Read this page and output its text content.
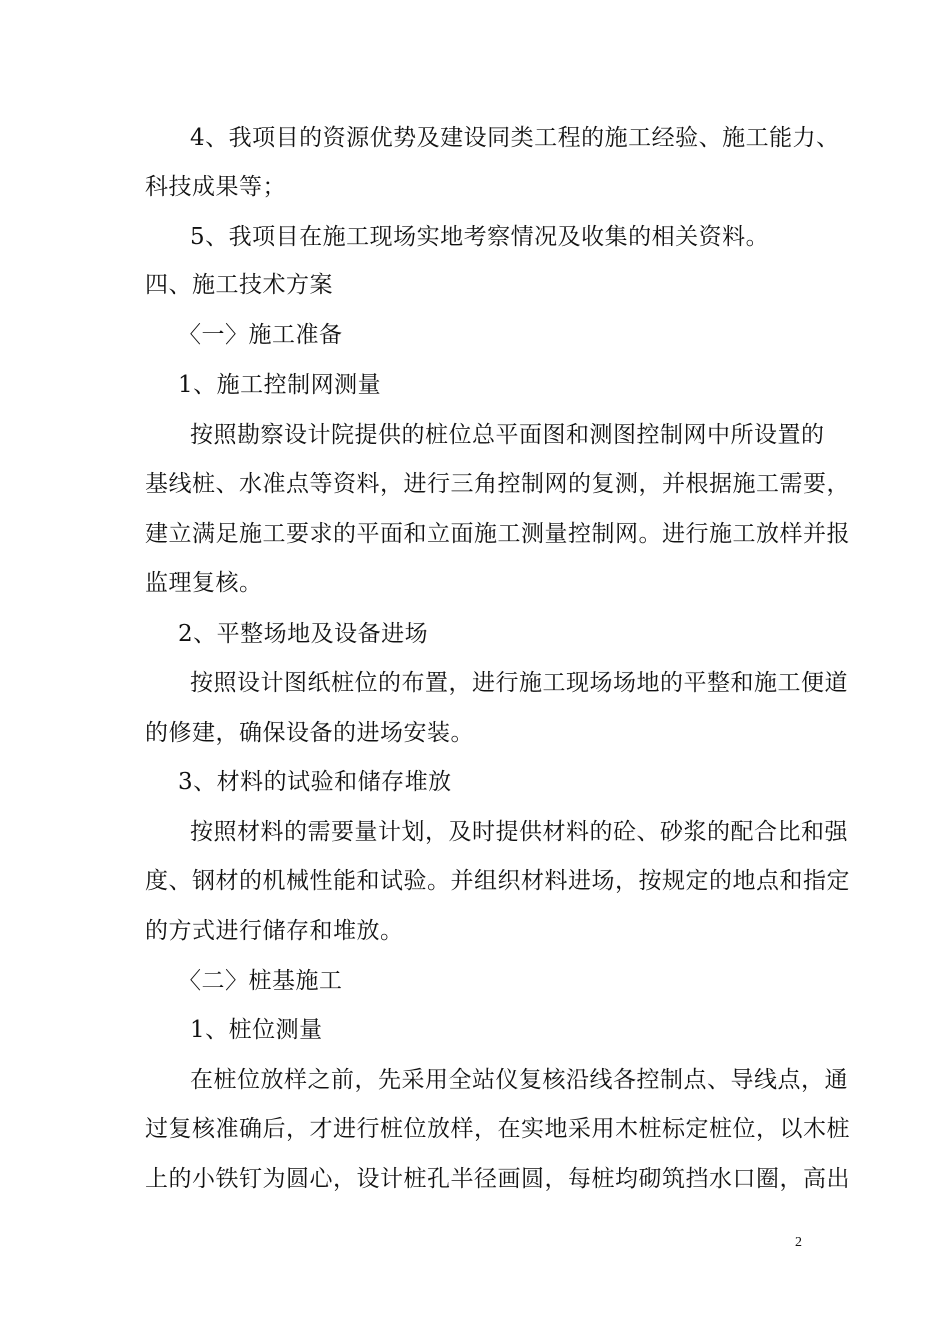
4、我项目的资源优势及建设同类工程的施工经验、施工能力、
科技成果等；
5、我项目在施工现场实地考察情况及收集的相关资料。
四、施工技术方案
〈一〉施工准备
1、施工控制网测量
按照勘察设计院提供的桩位总平面图和测图控制网中所设置的
基线桩、水准点等资料，进行三角控制网的复测，并根据施工需要，
建立满足施工要求的平面和立面施工测量控制网。进行施工放样并报
监理复核。
2、平整场地及设备进场
按照设计图纸桩位的布置，进行施工现场场地的平整和施工便道
的修建，确保设备的进场安装。
3、材料的试验和储存堆放
按照材料的需要量计划，及时提供材料的砼、砂浆的配合比和强
度、钢材的机械性能和试验。并组织材料进场，按规定的地点和指定
的方式进行储存和堆放。
〈二〉桩基施工
1、桩位测量
在桩位放样之前，先采用全站仪复核沿线各控制点、导线点，通
过复核准确后，才进行桩位放样，在实地采用木桩标定桩位，以木桩
上的小铁钉为圆心，设计桩孔半径画圆，每桩均砌筑挡水口圈，高出
2
